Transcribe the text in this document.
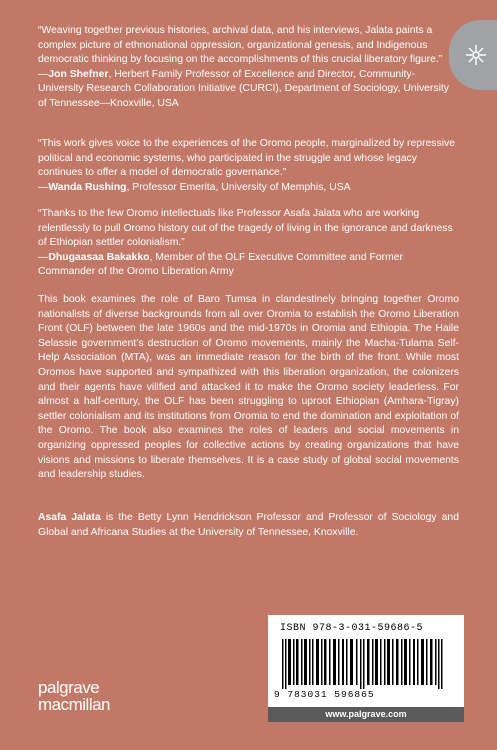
“Weaving together previous histories, archival data, and his interviews, Jalata paints a complex picture of ethnonational oppression, organizational genesis, and Indigenous democratic thinking by focusing on the accomplishments of this crucial liberatory figure.”
—Jon Shefner, Herbert Family Professor of Excellence and Director, Community-University Research Collaboration Initiative (CURCI), Department of Sociology, University of Tennessee—Knoxville, USA
“This work gives voice to the experiences of the Oromo people, marginalized by repressive political and economic systems, who participated in the struggle and whose legacy continues to offer a model of democratic governance.”
—Wanda Rushing, Professor Emerita, University of Memphis, USA
“Thanks to the few Oromo intellectuals like Professor Asafa Jalata who are working relentlessly to pull Oromo history out of the tragedy of living in the ignorance and darkness of Ethiopian settler colonialism.”
—Dhugaasaa Bakakko, Member of the OLF Executive Committee and Former Commander of the Oromo Liberation Army
This book examines the role of Baro Tumsa in clandestinely bringing together Oromo nationalists of diverse backgrounds from all over Oromia to establish the Oromo Liberation Front (OLF) between the late 1960s and the mid-1970s in Oromia and Ethiopia. The Haile Selassie government’s destruction of Oromo movements, mainly the Macha-Tulama Self-Help Association (MTA), was an immediate reason for the birth of the front. While most Oromos have supported and sympathized with this liberation organization, the colonizers and their agents have vilified and attacked it to make the Oromo society leaderless. For almost a half-century, the OLF has been struggling to uproot Ethiopian (Amhara-Tigray) settler colonialism and its institutions from Oromia to end the domination and exploitation of the Oromo. The book also examines the roles of leaders and social movements in organizing oppressed peoples for collective actions by creating organizations that have visions and missions to liberate themselves. It is a case study of global social movements and leadership studies.
Asafa Jalata is the Betty Lynn Hendrickson Professor and Professor of Sociology and Global and Africana Studies at the University of Tennessee, Knoxville.
ISBN 978-3-031-59686-5
9 783031 596865
www.palgrave.com
palgrave
macmillan
